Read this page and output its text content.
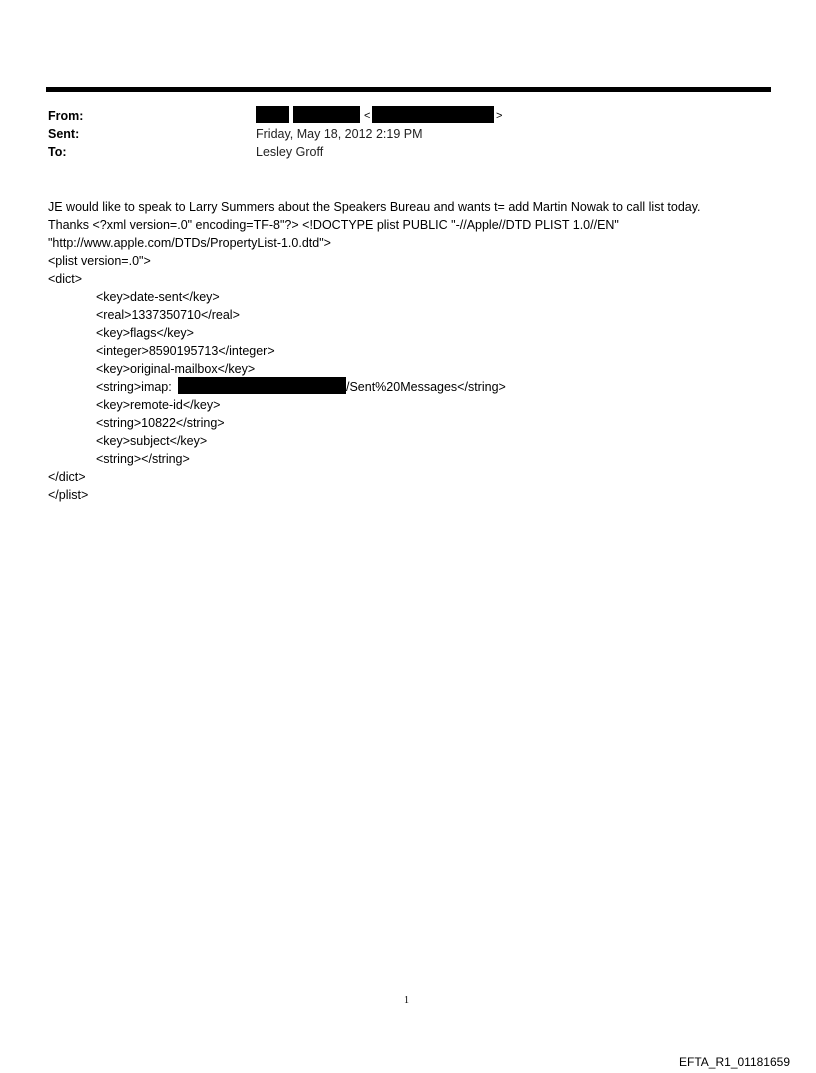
From:
Sent:
To:
<	>
Friday, May 18, 2012 2:19 PM
Lesley Groff
JE would like to speak to Larry Summers about the Speakers Bureau and wants t= add Martin Nowak to call list today.
Thanks <?xml version=.0" encoding=TF-8"?> <!DOCTYPE plist PUBLIC "-//Apple//DTD PLIST 1.0//EN"
"http://www.apple.com/DTDs/PropertyList-1.0.dtd">
<plist version=.0">
<dict>
<key>date-sent</key>
<real>1337350710</real>
<key>flags</key>
<integer>8590195713</integer>
<key>original-mailbox</key>
<string>imap:	/Sent%20Messages</string>
<key>remote-id</key>
<string>10822</string>
<key>subject</key>
<string></string>
</dict>
</plist>
1
EFTA_R1_01181659
